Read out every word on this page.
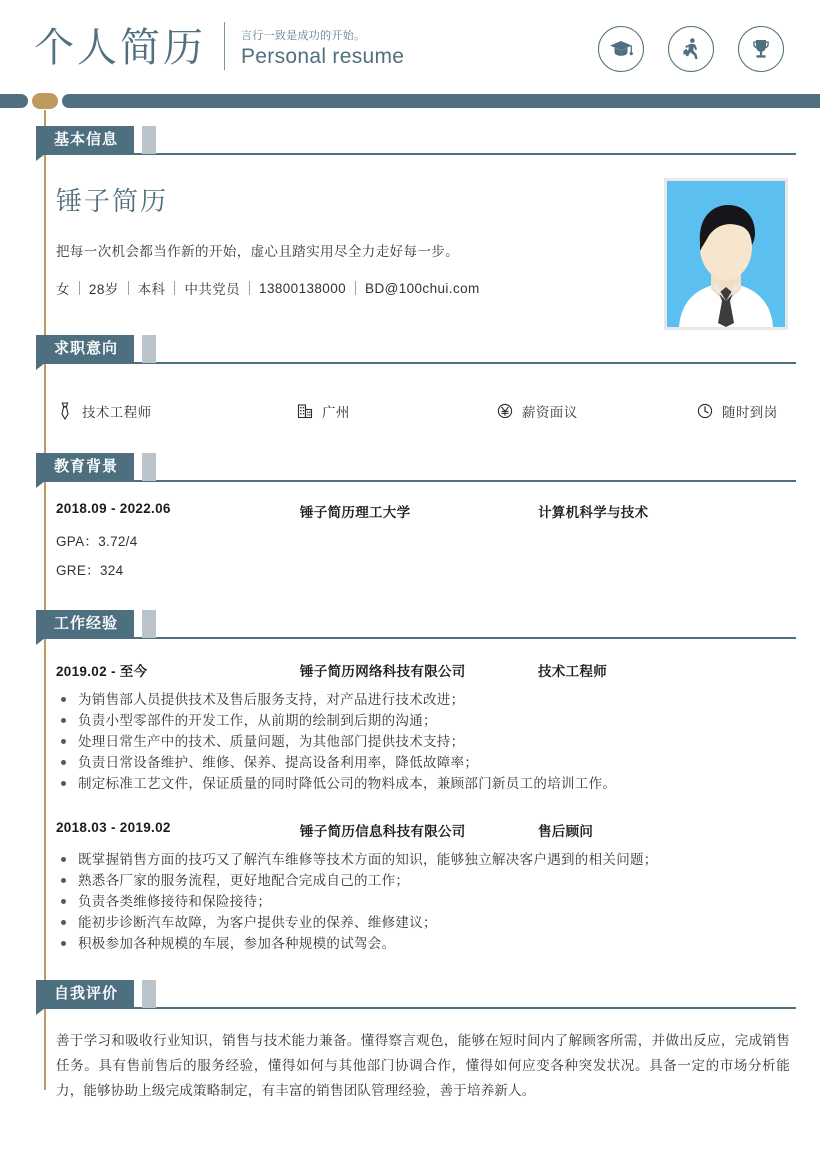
个人简历	言行一致是成功的开始。
Personal resume
基本信息
锤子简历
把每一次机会都当作新的开始，虚心且踏实用尽全力走好每一步。
女 28岁 本科 中共党员 13800138000 BD@100chui.com
求职意向
技术工程师	广州	薪资面议	随时到岗
教育背景
2018.09 - 2022.06	锤子简历理工大学	计算机科学与技术
GPA：3.72/4
GRE：324
工作经验
2019.02 - 至今	锤子简历网络科技有限公司	技术工程师
为销售部人员提供技术及售后服务支持，对产品进行技术改进；
负责小型零部件的开发工作，从前期的绘制到后期的沟通；
处理日常生产中的技术、质量问题，为其他部门提供技术支持；
负责日常设备维护、维修、保养、提高设备利用率，降低故障率；
制定标准工艺文件，保证质量的同时降低公司的物料成本，兼顾部门新员工的培训工作。
2018.03 - 2019.02	锤子简历信息科技有限公司	售后顾问
既掌握销售方面的技巧又了解汽车维修等技术方面的知识，能够独立解决客户遇到的相关问题；
熟悉各厂家的服务流程，更好地配合完成自己的工作；
负责各类维修接待和保险接待；
能初步诊断汽车故障，为客户提供专业的保养、维修建议；
积极参加各种规模的车展，参加各种规模的试驾会。
自我评价
善于学习和吸收行业知识，销售与技术能力兼备。懂得察言观色，能够在短时间内了解顾客所需，并做出反应，完成销售任务。具有售前售后的服务经验，懂得如何与其他部门协调合作，懂得如何应变各种突发状况。具备一定的市场分析能力，能够协助上级完成策略制定，有丰富的销售团队管理经验，善于培养新人。
